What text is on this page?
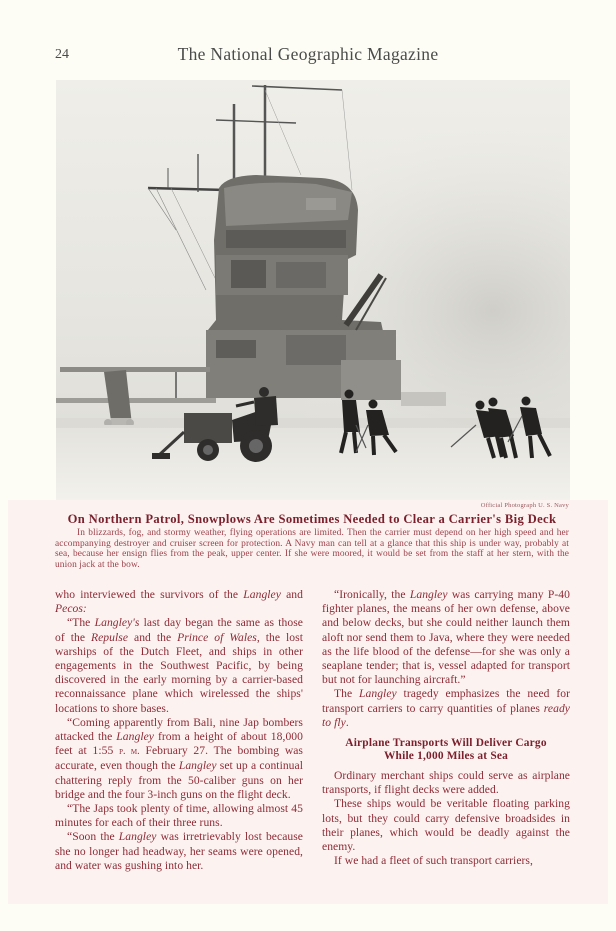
24	The National Geographic Magazine
Official Photograph U. S. Navy
On Northern Patrol, Snowplows Are Sometimes Needed to Clear a Carrier's Big Deck
In blizzards, fog, and stormy weather, flying operations are limited. Then the carrier must depend on her high speed and her accompanying destroyer and cruiser screen for protection. A Navy man can tell at a glance that this ship is under way, probably at sea, because her ensign flies from the peak, upper center. If she were moored, it would be set from the staff at her stern, with the union jack at the bow.

who interviewed the survivors of the Langley and Pecos:

“The Langley's last day began the same as those of the Repulse and the Prince of Wales, the lost warships of the Dutch Fleet, and ships in other engagements in the Southwest Pacific, by being discovered in the early morning by a carrier-based reconnaissance plane which wirelessed the ships' locations to shore bases.

“Coming apparently from Bali, nine Jap bombers attacked the Langley from a height of about 18,000 feet at 1:55 p. m. February 27. The bombing was accurate, even though the Langley set up a continual chattering reply from the 50-caliber guns on her bridge and the four 3-inch guns on the flight deck.

“The Japs took plenty of time, allowing almost 45 minutes for each of their three runs.

“Soon the Langley was irretrievably lost because she no longer had headway, her seams were opened, and water was gushing into her.

“Ironically, the Langley was carrying many P-40 fighter planes, the means of her own defense, above and below decks, but she could neither launch them aloft nor send them to Java, where they were needed as the life blood of the defense—for she was only a seaplane tender; that is, vessel adapted for transport but not for launching aircraft.”

The Langley tragedy emphasizes the need for transport carriers to carry quantities of planes ready to fly.

Airplane Transports Will Deliver Cargo
While 1,000 Miles at Sea

Ordinary merchant ships could serve as airplane transports, if flight decks were added.

These ships would be veritable floating parking lots, but they could carry defensive broadsides in their planes, which would be deadly against the enemy.

If we had a fleet of such transport carriers,
